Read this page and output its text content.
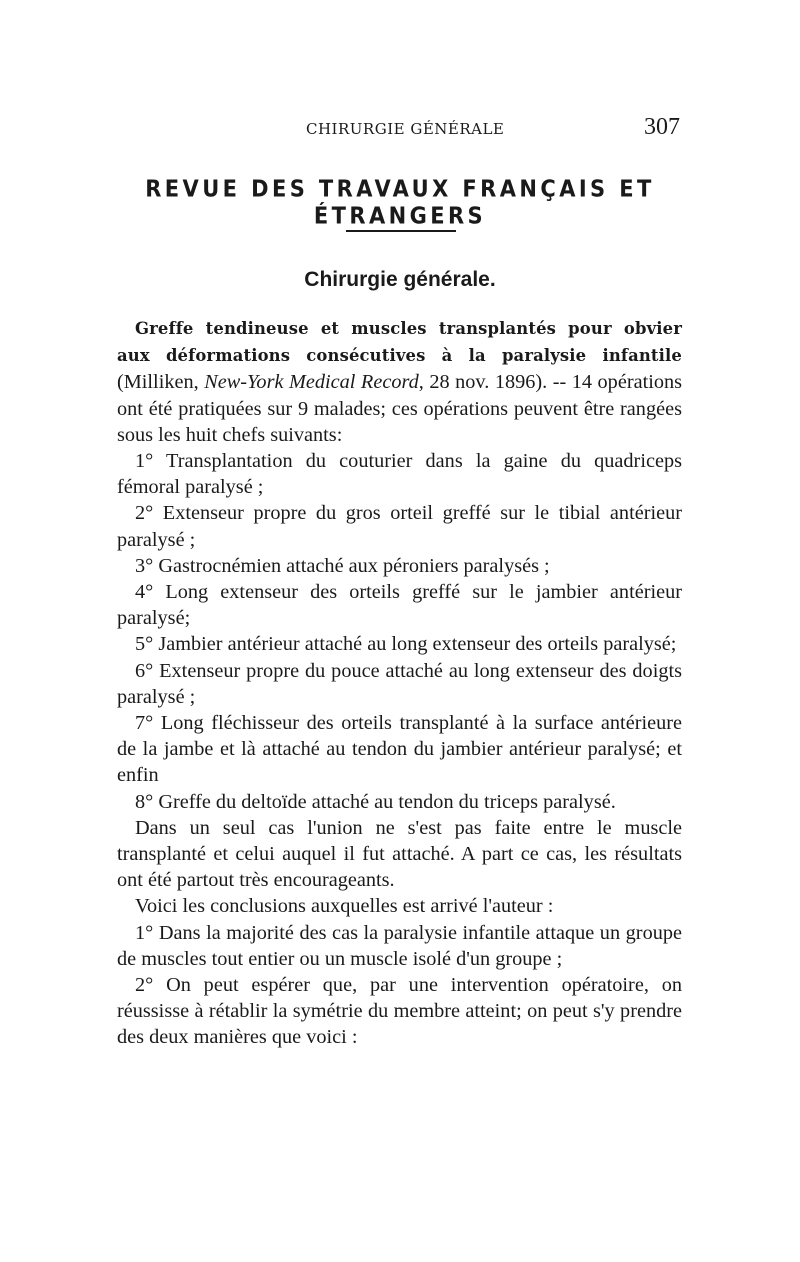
CHIRURGIE GÉNÉRALE	307
REVUE DES TRAVAUX FRANÇAIS ET ÉTRANGERS
Chirurgie générale.

Greffe tendineuse et muscles transplantés pour obvier aux déformations consécutives à la paralysie infantile (Milliken, New-York Medical Record, 28 nov. 1896). -- 14 opérations ont été pratiquées sur 9 malades; ces opérations peuvent être rangées sous les huit chefs suivants:

1° Transplantation du couturier dans la gaine du quadriceps fémoral paralysé ;

2° Extenseur propre du gros orteil greffé sur le tibial antérieur paralysé ;

3° Gastrocnémien attaché aux péroniers paralysés ;

4° Long extenseur des orteils greffé sur le jambier antérieur paralysé;

5° Jambier antérieur attaché au long extenseur des orteils paralysé;

6° Extenseur propre du pouce attaché au long extenseur des doigts paralysé ;

7° Long fléchisseur des orteils transplanté à la surface antérieure de la jambe et là attaché au tendon du jambier antérieur paralysé; et enfin

8° Greffe du deltoïde attaché au tendon du triceps paralysé.

Dans un seul cas l'union ne s'est pas faite entre le muscle transplanté et celui auquel il fut attaché. A part ce cas, les résultats ont été partout très encourageants.

Voici les conclusions auxquelles est arrivé l'auteur :

1° Dans la majorité des cas la paralysie infantile attaque un groupe de muscles tout entier ou un muscle isolé d'un groupe ;

2° On peut espérer que, par une intervention opératoire, on réussisse à rétablir la symétrie du membre atteint; on peut s'y prendre des deux manières que voici :
